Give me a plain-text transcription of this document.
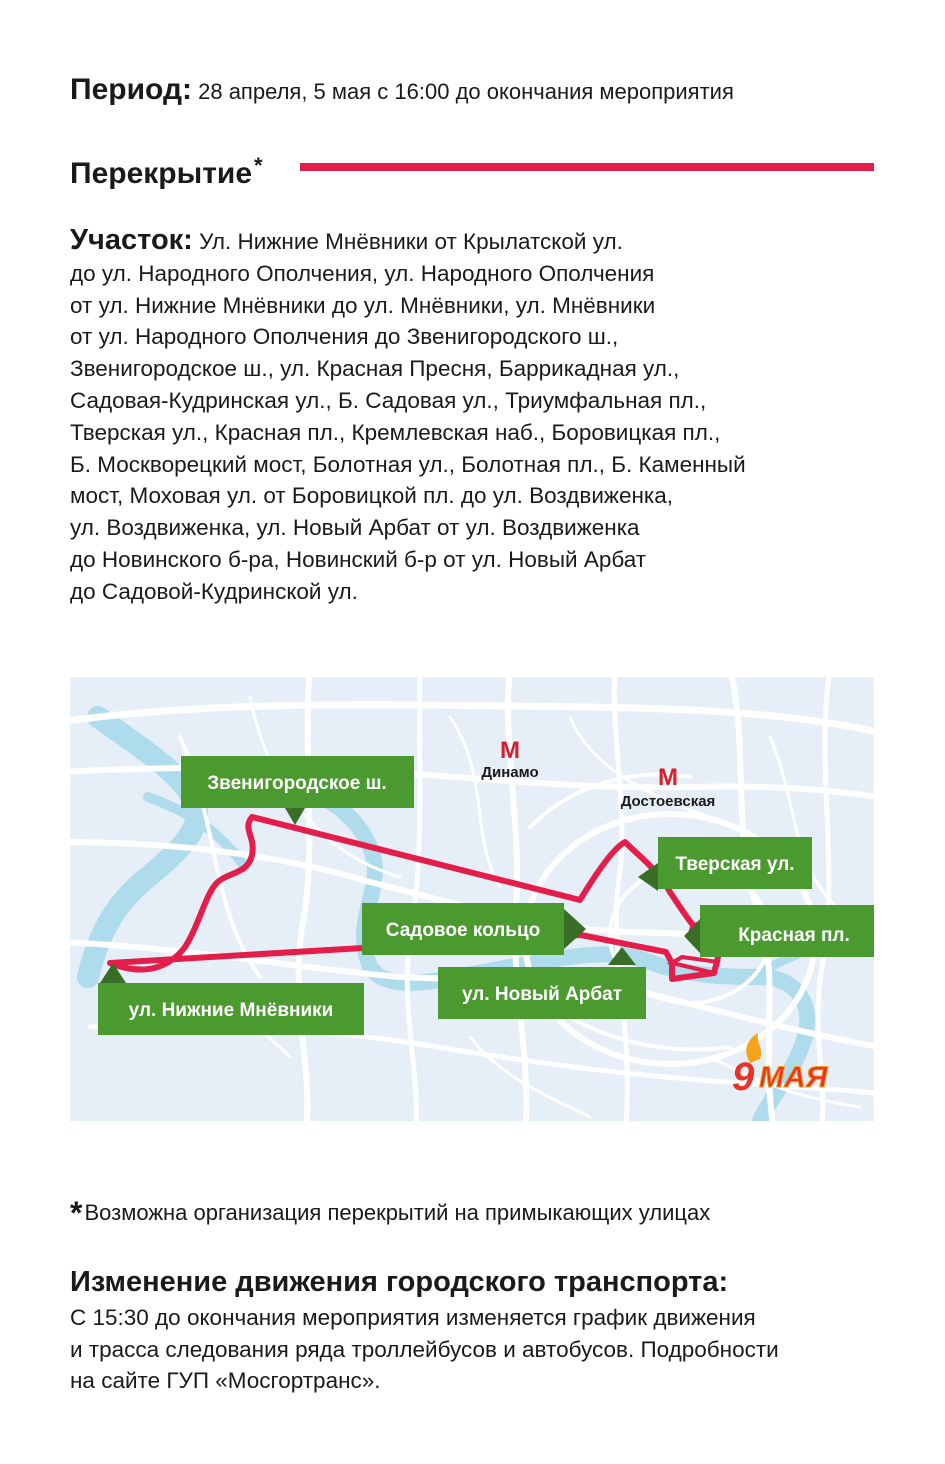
Период: 28 апреля, 5 мая с 16:00 до окончания мероприятия
Перекрытие*
Участок: Ул. Нижние Мнёвники от Крылатской ул.
до ул. Народного Ополчения, ул. Народного Ополчения
от ул. Нижние Мнёвники до ул. Мнёвники, ул. Мнёвники
от ул. Народного Ополчения до Звенигородского ш.,
Звенигородское ш., ул. Красная Пресня, Баррикадная ул.,
Садовая-Кудринская ул., Б. Садовая ул., Триумфальная пл.,
Тверская ул., Красная пл., Кремлевская наб., Боровицкая пл.,
Б. Москворецкий мост, Болотная ул., Болотная пл., Б. Каменный
мост, Моховая ул. от Боровицкой пл. до ул. Воздвиженка,
ул. Воздвиженка, ул. Новый Арбат от ул. Воздвиженка
до Новинского б-ра, Новинский б-р от ул. Новый Арбат
до Садовой-Кудринской ул.
Звенигородское ш.
Садовое кольцо
Тверская ул.
Красная пл.
ул. Новый Арбат
ул. Нижние Мнёвники
М
Динамо	М
Достоевская
9 МАЯ
*Возможна организация перекрытий на примыкающих улицах
Изменение движения городского транспорта:
С 15:30 до окончания мероприятия изменяется график движения
и трасса следования ряда троллейбусов и автобусов. Подробности
на сайте ГУП «Мосгортранс».
